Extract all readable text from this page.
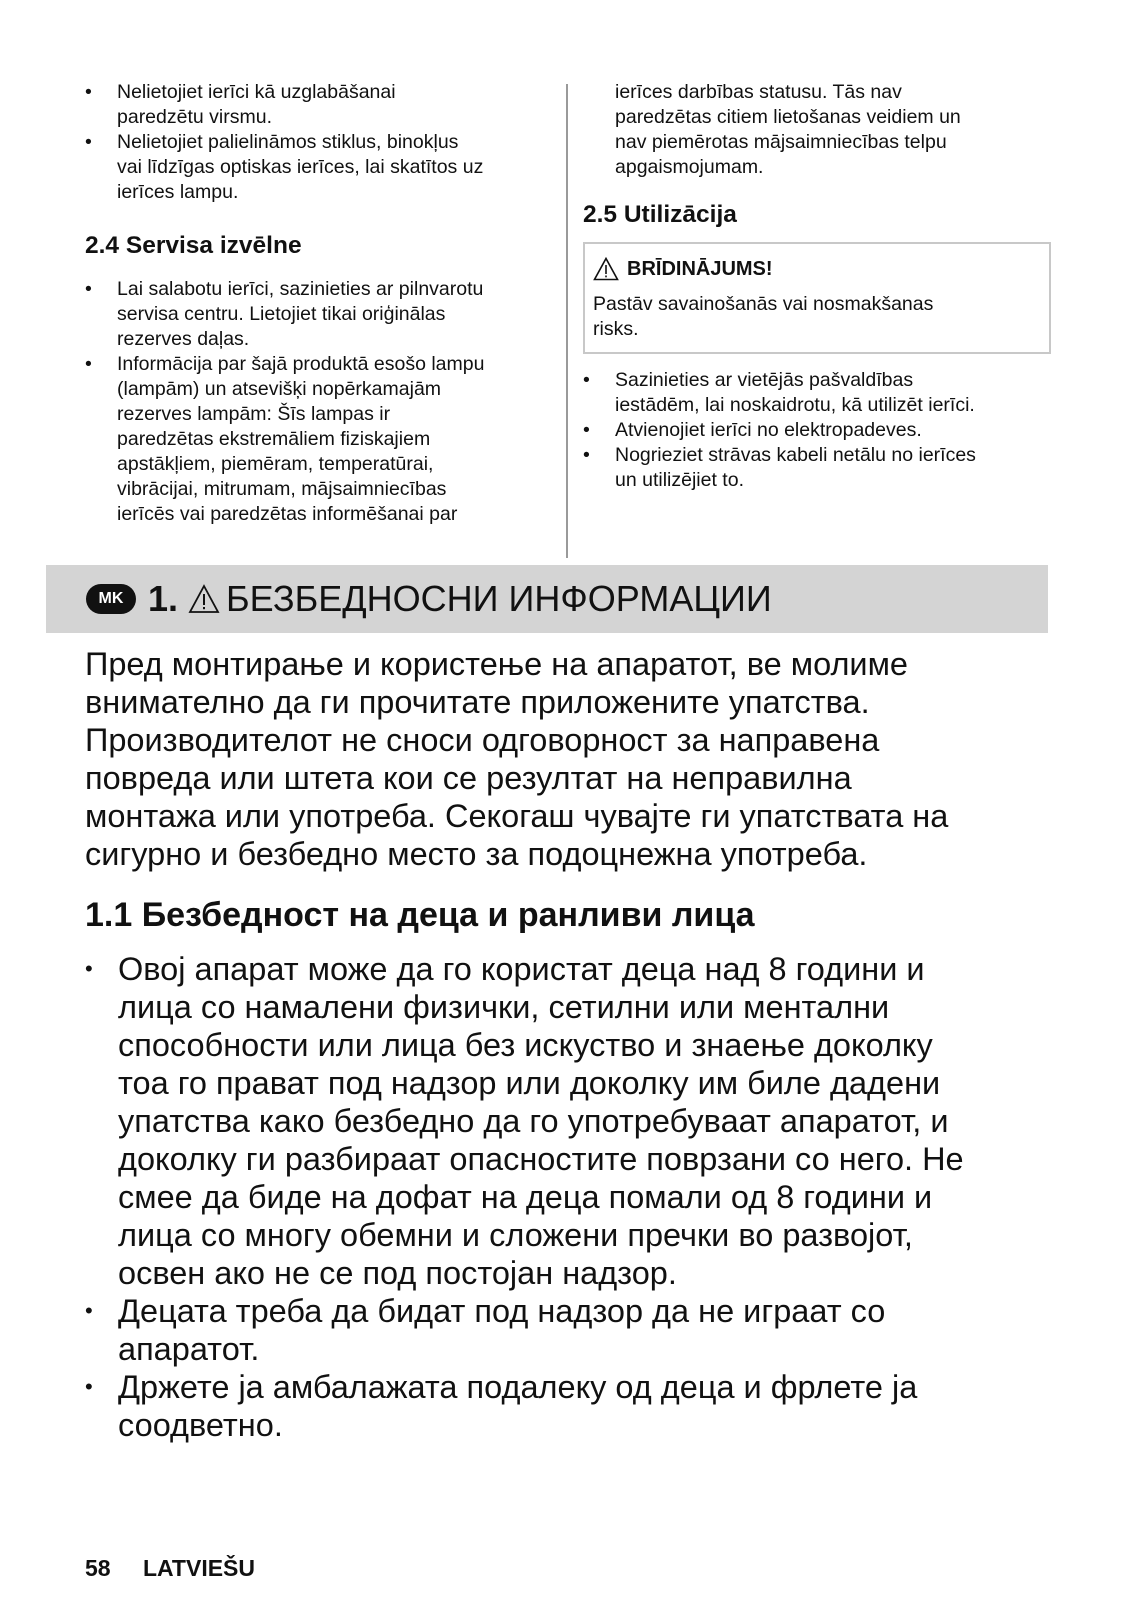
• Nelietojiet ierīci kā uzglabāšanai
paredzētu virsmu.
• Nelietojiet palielināmos stiklus, binokļus
vai līdzīgas optiskas ierīces, lai skatītos uz
ierīces lampu.
2.4 Servisa izvēlne
• Lai salabotu ierīci, sazinieties ar pilnvarotu
servisa centru. Lietojiet tikai oriģinālas
rezerves daļas.
• Informācija par šajā produktā esošo lampu
(lampām) un atsevišķi nopērkamajām
rezerves lampām: Šīs lampas ir
paredzētas ekstremāliem fiziskajiem
apstākļiem, piemēram, temperatūrai,
vibrācijai, mitrumam, mājsaimniecības
ierīcēs vai paredzētas informēšanai par
ierīces darbības statusu. Tās nav
paredzētas citiem lietošanas veidiem un
nav piemērotas mājsaimniecības telpu
apgaismojumam.
2.5 Utilizācija
BRĪDINĀJUMS!
Pastāv savainošanās vai nosmakšanas
risks.
• Sazinieties ar vietējās pašvaldības
iestādēm, lai noskaidrotu, kā utilizēt ierīci.
• Atvienojiet ierīci no elektropadeves.
• Nogrieziet strāvas kabeli netālu no ierīces
un utilizējiet to.
MK 1. БЕЗБЕДНОСНИ ИНФОРМАЦИИ

Пред монтирање и користење на апаратот, ве молиме
внимателно да ги прочитате приложените упатства.
Производителот не сноси одговорност за направена
повреда или штета кои се резултат на неправилна
монтажа или употреба. Секогаш чувајте ги упатствата на
сигурно и безбедно место за подоцнежна употреба.

1.1 Безбедност на деца и ранливи лица
• Овој апарат може да го користат деца над 8 години и
лица со намалени физички, сетилни или ментални
способности или лица без искуство и знаење доколку
тоа го прават под надзор или доколку им биле дадени
упатства како безбедно да го употребуваат апаратот, и
доколку ги разбираат опасностите поврзани со него. Не
смее да биде на дофат на деца помали од 8 години и
лица со многу обемни и сложени пречки во развојот,
освен ако не се под постојан надзор.
• Децата треба да бидат под надзор да не играат со
апаратот.
• Држете ја амбалажата подалеку од деца и фрлете ја
соодветно.
58 LATVIEŠU
